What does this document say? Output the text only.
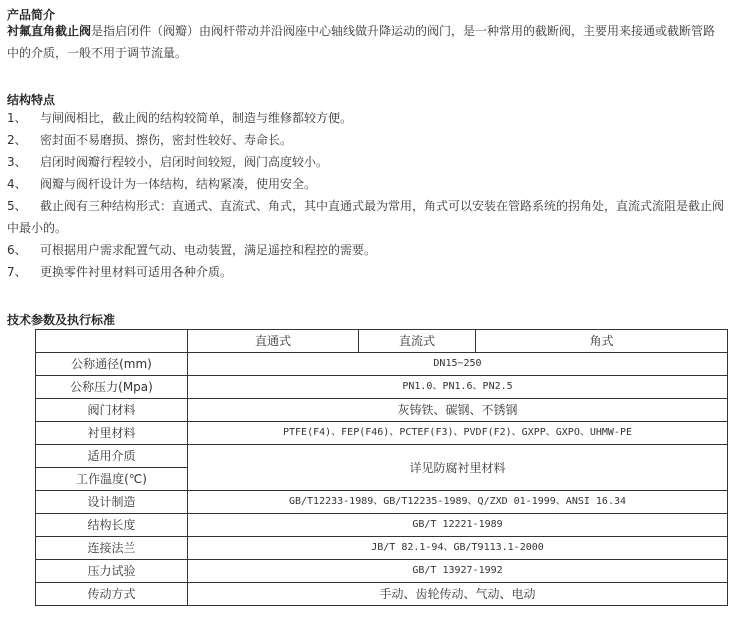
产品简介
衬氟直角截止阀是指启闭件（阀瓣）由阀杆带动并沿阀座中心轴线做升降运动的阀门，是一种常用的截断阀，主要用来接通或截断管路中的介质，一般不用于调节流量。
结构特点
1、 与闸阀相比，截止阀的结构较简单，制造与维修都较方便。
2、 密封面不易磨损、擦伤，密封性较好、寿命长。
3、 启闭时阀瓣行程较小，启闭时间较短，阀门高度较小。
4、 阀瓣与阀杆设计为一体结构，结构紧凑，使用安全。
5、 截止阀有三种结构形式：直通式、直流式、角式，其中直通式最为常用，角式可以安装在管路系统的拐角处，直流式流阻是截止阀中最小的。
6、 可根据用户需求配置气动、电动装置，满足遥控和程控的需要。
7、 更换零件衬里材料可适用各种介质。
技术参数及执行标准
	直通式	直流式	角式
公称通径(mm)	DN15~250		
公称压力(Mpa)	PN1.0、PN1.6、PN2.5		
阀门材料	灰铸铁、碳钢、不锈钢		
衬里材料	PTFE(F4)、FEP(F46)、PCTEF(F3)、PVDF(F2)、GXPP、GXPO、UHMW-PE		
适用介质	详见防腐衬里材料		
工作温度(℃)			
设计制造	GB/T12233-1989、GB/T12235-1989、Q/ZXD 01-1999、ANSI 16.34		
结构长度	GB/T 12221-1989		
连接法兰	JB/T 82.1-94、GB/T9113.1-2000		
压力试验	GB/T 13927-1992		
传动方式	手动、齿轮传动、气动、电动		
